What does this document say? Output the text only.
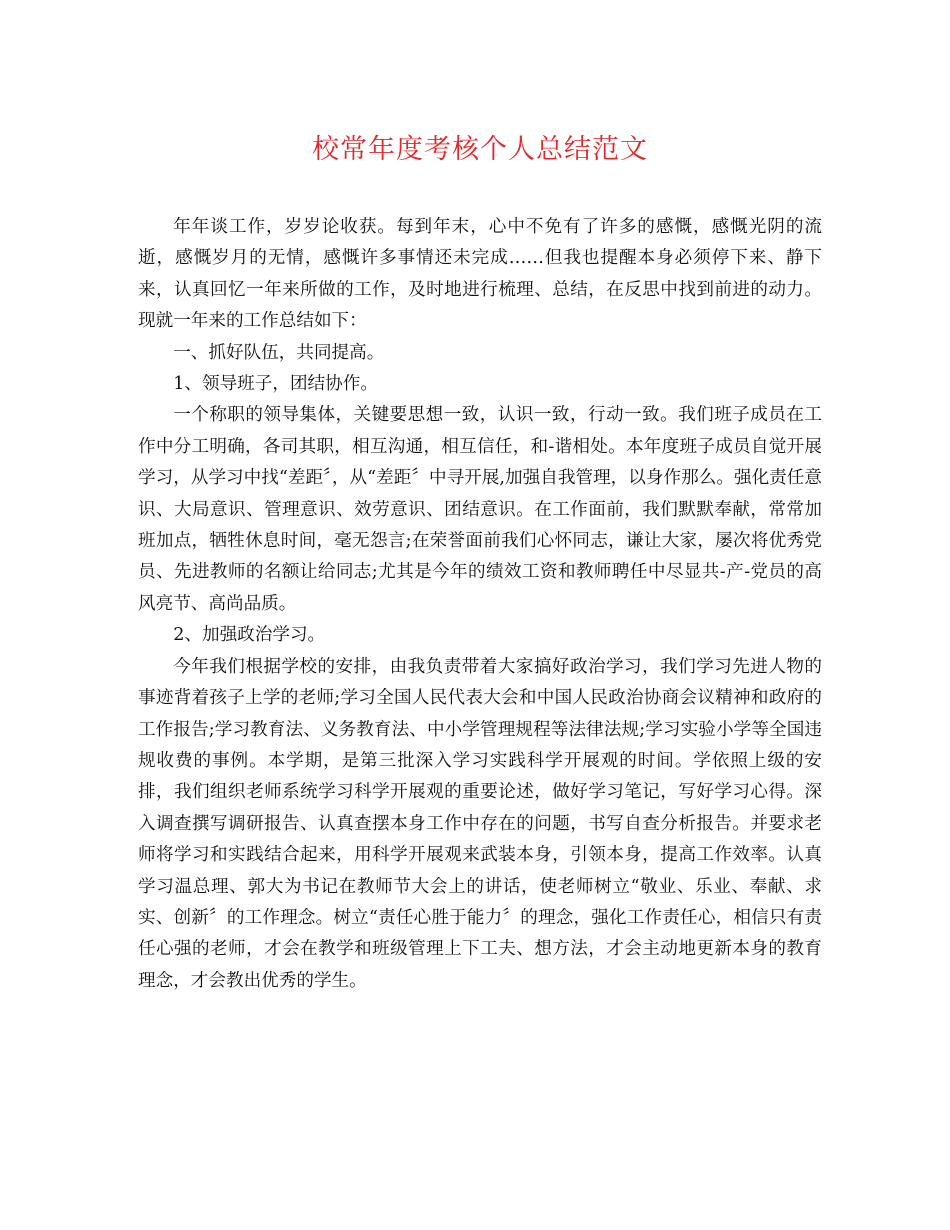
校常年度考核个人总结范文

年年谈工作，岁岁论收获。每到年末，心中不免有了许多的感慨，感慨光阴的流逝，感慨岁月的无情，感慨许多事情还未完成……但我也提醒本身必须停下来、静下来，认真回忆一年来所做的工作，及时地进行梳理、总结，在反思中找到前进的动力。现就一年来的工作总结如下：

一、抓好队伍，共同提高。

1、领导班子，团结协作。

一个称职的领导集体，关键要思想一致，认识一致，行动一致。我们班子成员在工作中分工明确，各司其职，相互沟通，相互信任，和-谐相处。本年度班子成员自觉开展学习，从学习中找“差距〞，从“差距〞中寻开展,加强自我管理，以身作那么。强化责任意识、大局意识、管理意识、效劳意识、团结意识。在工作面前，我们默默奉献，常常加班加点，牺牲休息时间，毫无怨言;在荣誉面前我们心怀同志，谦让大家，屡次将优秀党员、先进教师的名额让给同志;尤其是今年的绩效工资和教师聘任中尽显共-产-党员的高风亮节、高尚品质。

2、加强政治学习。

今年我们根据学校的安排，由我负责带着大家搞好政治学习，我们学习先进人物的事迹背着孩子上学的老师;学习全国人民代表大会和中国人民政治协商会议精神和政府的工作报告;学习教育法、义务教育法、中小学管理规程等法律法规;学习实验小学等全国违规收费的事例。本学期，是第三批深入学习实践科学开展观的时间。学依照上级的安排，我们组织老师系统学习科学开展观的重要论述，做好学习笔记，写好学习心得。深入调查撰写调研报告、认真查摆本身工作中存在的问题，书写自查分析报告。并要求老师将学习和实践结合起来，用科学开展观来武装本身，引领本身，提高工作效率。认真学习温总理、郭大为书记在教师节大会上的讲话，使老师树立“敬业、乐业、奉献、求实、创新〞的工作理念。树立“责任心胜于能力〞的理念，强化工作责任心，相信只有责任心强的老师，才会在教学和班级管理上下工夫、想方法，才会主动地更新本身的教育理念，才会教出优秀的学生。
